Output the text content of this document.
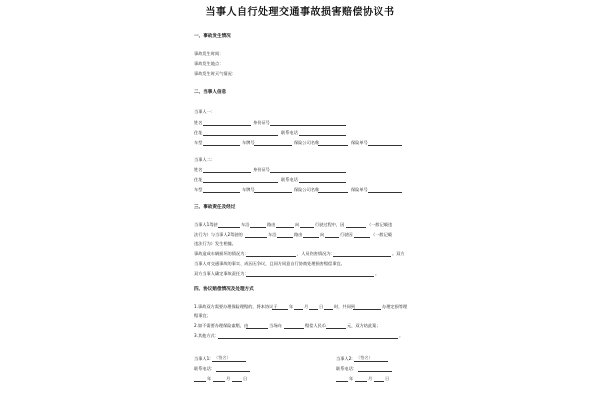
当事人自行处理交通事故损害赔偿协议书
一、事故发生情况
事故发生时间：
事故发生地点：
事故发生时天气情况：
二、当事人信息
当事人一：
姓名	身份证号
住址	联系电话
车型	车牌号	保险公司名称	保险单号
当事人二：
姓名	身份证号
住址	联系电话
车型	车牌号	保险公司名称	保险单号
三、事故责任及经过
当事人1驾驶	车沿	路由	向	行驶过程中，因	（一般记载违
法行为）与当事人2驾驶的	车沿	路由	向	行驶因	（一般记载
违法行为）发生相撞。
事故造成车辆损坏的情况为：	，人员伤害情况为：	。双方
当事人对交通事故的事实、成因无争议，且同方同意自行协商处理损害赔偿事宜。
双方当事人确定事故责任为：	。
四、协议赔偿情况及处理方式
1.事故双方需要办理保险理赔的，将本协议于	年	月	日	时，共同到	办理定损等理
赔事宜；
2.如不需要办理保险索赔，由	当场向	赔偿人民币	元，双方结此案；
3.其他方式：	。
当事人1: （签名）
联系电话：
年	月	日
当事人2: （签名）
联系电话：
年	月	日
